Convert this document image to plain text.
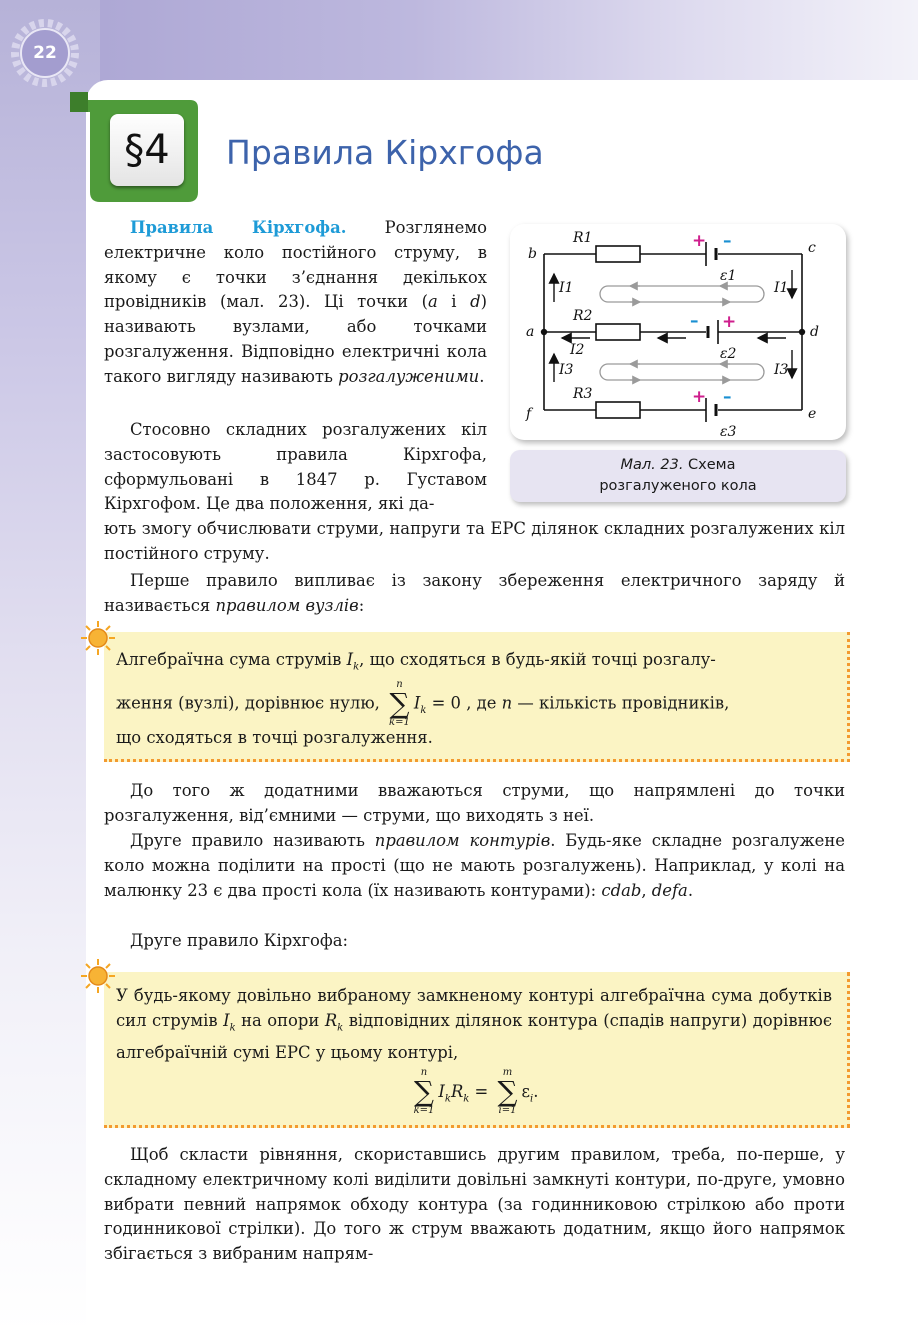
22
§4	Правила Кірхгофа

Правила Кірхгофа. Розглянемо електричне коло постійного струму, в якому є точки з’єднання декількох провідників (мал. 23). Ці точки (a і d) називають вузлами, або точками розгалуження. Відповідно електричні кола такого вигляду називають розгалуженими.

Стосовно складних розгалужених кіл застосовують правила Кірхгофа, сформульовані в 1847 р. Густавом Кірхгофом. Це два положення, які да-

ють змогу обчислювати струми, напруги та ЕРС ділянок складних розгалужених кіл постійного струму.

Перше правило випливає із закону збереження електричного заряду й називається правилом вузлів:

+ –
– +
+ –
b	c
a	d
f	e
R1
R2
R3
I1	I1
I2
I3	I3
ε1
ε2
ε3
Мал. 23. Схема
розгалуженого кола
Алгебраїчна сума струмів $I_k$, що сходяться в будь-якій точці розгалу-
ження (вузлі), дорівнює нулю,
n
∑
k=1
$I_k = 0$ , де n — кількість провідників,
що сходяться в точці розгалуження.

До того ж додатними вважаються струми, що напрямлені до точки розгалуження, від’ємними — струми, що виходять з неї.

Друге правило називають правилом контурів. Будь-яке складне розгалужене коло можна поділити на прості (що не мають розгалужень). Наприклад, у колі на малюнку 23 є два прості кола (їх називають контурами): cdab, defa.

Друге правило Кірхгофа:

У будь-якому довільно вибраному замкненому контурі алгебраїчна сума добутків сил струмів $I_k$ на опори $R_k$ відповідних ділянок контура (спадів напруги) дорівнює алгебраїчній сумі ЕРС у цьому контурі,

n
∑
k=1
$I_kR_k$ =
m
∑
i=1
$\varepsilon_i$.

Щоб скласти рівняння, скориставшись другим правилом, треба, по-перше, у складному електричному колі виділити довільні замкнуті контури, по-друге, умовно вибрати певний напрямок обходу контура (за годинниковою стрілкою або проти годинникової стрілки). До того ж струм вважають додатним, якщо його напрямок збігається з вибраним напрям-
